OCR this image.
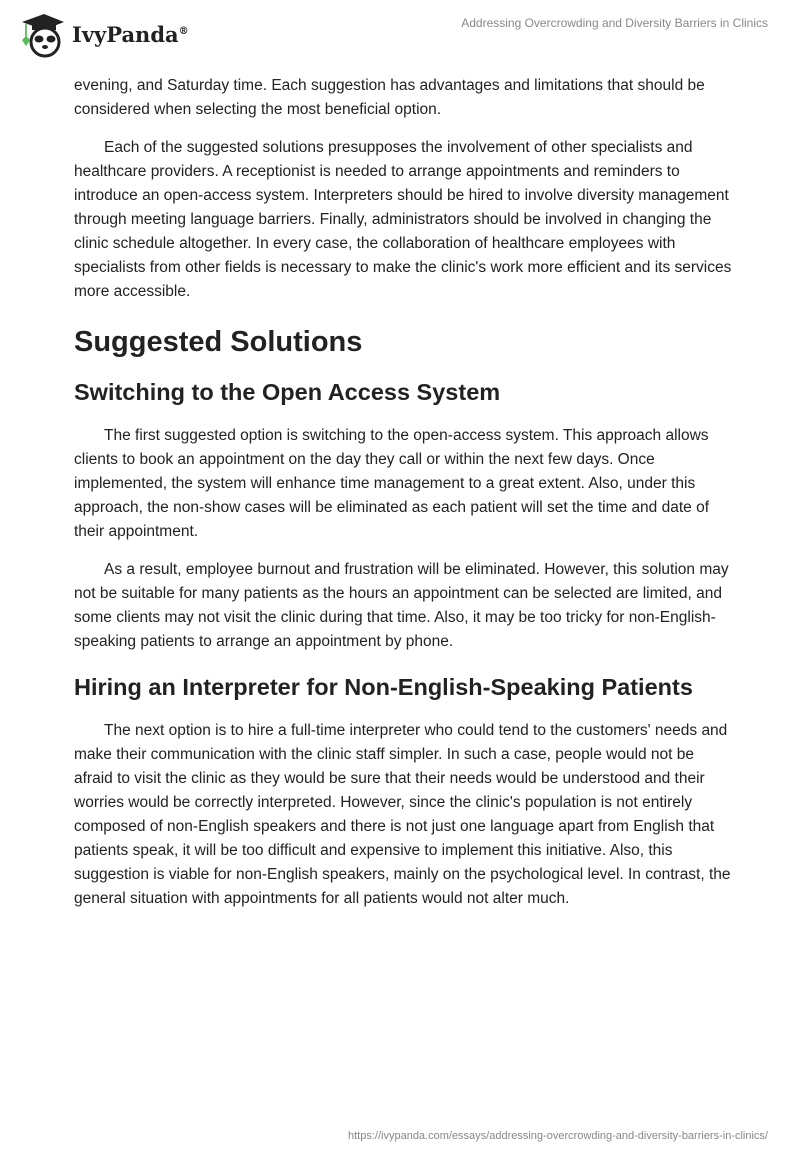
IvyPanda®
Addressing Overcrowding and Diversity Barriers in Clinics

evening, and Saturday time. Each suggestion has advantages and limitations that should be considered when selecting the most beneficial option.

Each of the suggested solutions presupposes the involvement of other specialists and healthcare providers. A receptionist is needed to arrange appointments and reminders to introduce an open-access system. Interpreters should be hired to involve diversity management through meeting language barriers. Finally, administrators should be involved in changing the clinic schedule altogether. In every case, the collaboration of healthcare employees with specialists from other fields is necessary to make the clinic's work more efficient and its services more accessible.

Suggested Solutions
Switching to the Open Access System

The first suggested option is switching to the open-access system. This approach allows clients to book an appointment on the day they call or within the next few days. Once implemented, the system will enhance time management to a great extent. Also, under this approach, the non-show cases will be eliminated as each patient will set the time and date of their appointment.

As a result, employee burnout and frustration will be eliminated. However, this solution may not be suitable for many patients as the hours an appointment can be selected are limited, and some clients may not visit the clinic during that time. Also, it may be too tricky for non-English-speaking patients to arrange an appointment by phone.

Hiring an Interpreter for Non-English-Speaking Patients

The next option is to hire a full-time interpreter who could tend to the customers' needs and make their communication with the clinic staff simpler. In such a case, people would not be afraid to visit the clinic as they would be sure that their needs would be understood and their worries would be correctly interpreted. However, since the clinic's population is not entirely composed of non-English speakers and there is not just one language apart from English that patients speak, it will be too difficult and expensive to implement this initiative. Also, this suggestion is viable for non-English speakers, mainly on the psychological level. In contrast, the general situation with appointments for all patients would not alter much.

https://ivypanda.com/essays/addressing-overcrowding-and-diversity-barriers-in-clinics/
